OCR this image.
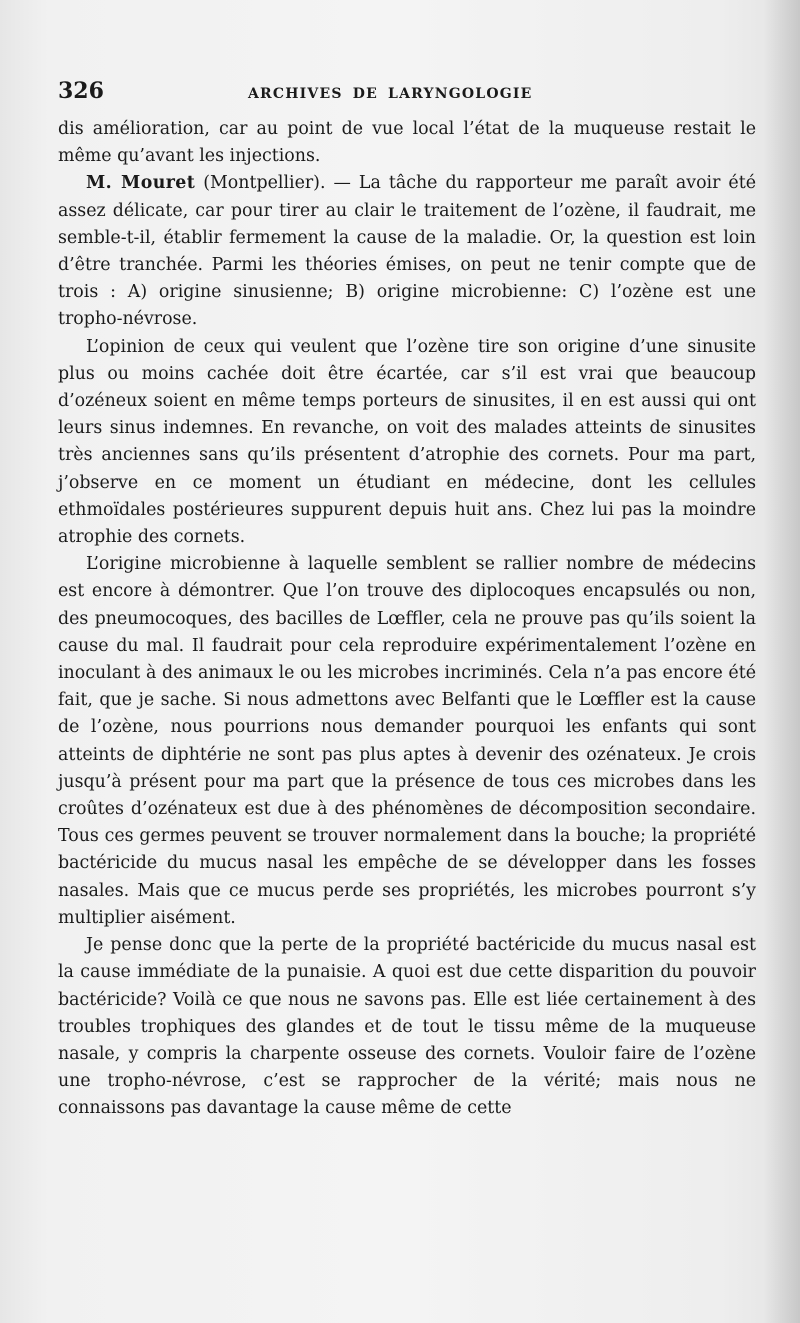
326	ARCHIVES DE LARYNGOLOGIE

dis amélioration, car au point de vue local l’état de la muqueuse restait le même qu’avant les injections.

M. Mouret (Montpellier). — La tâche du rapporteur me paraît avoir été assez délicate, car pour tirer au clair le traitement de l’ozène, il faudrait, me semble-t-il, établir fermement la cause de la maladie. Or, la question est loin d’être tranchée. Parmi les théories émises, on peut ne tenir compte que de trois : A) origine sinusienne; B) origine microbienne: C) l’ozène est une tropho-névrose.

L’opinion de ceux qui veulent que l’ozène tire son origine d’une sinusite plus ou moins cachée doit être écartée, car s’il est vrai que beaucoup d’ozéneux soient en même temps porteurs de sinusites, il en est aussi qui ont leurs sinus indemnes. En revanche, on voit des malades atteints de sinusites très anciennes sans qu’ils présentent d’atrophie des cornets. Pour ma part, j’observe en ce moment un étudiant en médecine, dont les cellules ethmoïdales postérieures suppurent depuis huit ans. Chez lui pas la moindre atrophie des cornets.

L’origine microbienne à laquelle semblent se rallier nombre de médecins est encore à démontrer. Que l’on trouve des diplocoques encapsulés ou non, des pneumocoques, des bacilles de Lœffler, cela ne prouve pas qu’ils soient la cause du mal. Il faudrait pour cela reproduire expérimentalement l’ozène en inoculant à des animaux le ou les microbes incriminés. Cela n’a pas encore été fait, que je sache. Si nous admettons avec Belfanti que le Lœffler est la cause de l’ozène, nous pourrions nous demander pourquoi les enfants qui sont atteints de diphtérie ne sont pas plus aptes à devenir des ozénateux. Je crois jusqu’à présent pour ma part que la présence de tous ces microbes dans les croûtes d’ozénateux est due à des phénomènes de décomposition secondaire. Tous ces germes peuvent se trouver normalement dans la bouche; la propriété bactéricide du mucus nasal les empêche de se développer dans les fosses nasales. Mais que ce mucus perde ses propriétés, les microbes pourront s’y multiplier aisément.

Je pense donc que la perte de la propriété bactéricide du mucus nasal est la cause immédiate de la punaisie. A quoi est due cette disparition du pouvoir bactéricide? Voilà ce que nous ne savons pas. Elle est liée certainement à des troubles trophiques des glandes et de tout le tissu même de la muqueuse nasale, y compris la charpente osseuse des cornets. Vouloir faire de l’ozène une tropho-névrose, c’est se rapprocher de la vérité; mais nous ne connaissons pas davantage la cause même de cette
